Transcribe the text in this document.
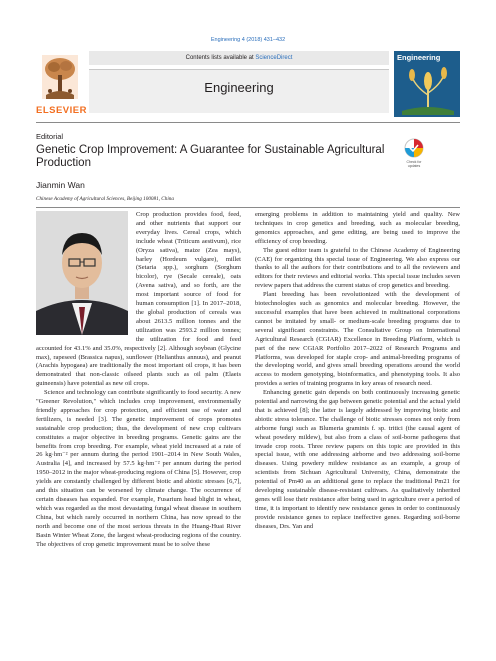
Engineering 4 (2018) 431–432
ELSEVIER
Contents lists available at ScienceDirect
Engineering
Engineering
Editorial
Genetic Crop Improvement: A Guarantee for Sustainable Agricultural Production	Check for updates
Jianmin Wan
Chinese Academy of Agricultural Sciences, Beijing 100081, China

Crop production provides food, feed, and other nutrients that support our everyday lives. Cereal crops, which include wheat (Triticum aestivum), rice (Oryza sativa), maize (Zea mays), barley (Hordeum vulgare), millet (Setaria spp.), sorghum (Sorghum bicolor), rye (Secale cereale), oats (Avena sativa), and so forth, are the most important source of food for human consumption [1]. In 2017–2018, the global production of cereals was about 2613.5 million tonnes and the utilization was 2593.2 million tonnes; the utilization for food and feed accounted for 43.1% and 35.0%, respectively [2]. Although soybean (Glycine max), rapeseed (Brassica napus), sunflower (Helianthus annuus), and peanut (Arachis hypogaea) are traditionally the most important oil crops, it has been demonstrated that non-classic oilseed plants such as oil palm (Elaeis guineensis) have potential as new oil crops.

Science and technology can contribute significantly to food security. A new "Greener Revolution," which includes crop improvement, environmentally friendly approaches for crop protection, and efficient use of water and fertilizers, is needed [3]. The genetic improvement of crops promotes sustainable crop production; thus, the development of new crop cultivars constitutes a major objective in breeding programs. Genetic gains are the benefits from crop breeding. For example, wheat yield increased at a rate of 26 kg·hm⁻² per annum during the period 1901–2014 in New South Wales, Australia [4], and increased by 57.5 kg·hm⁻² per annum during the period 1950–2012 in the major wheat-producing regions of China [5]. However, crop yields are constantly challenged by different biotic and abiotic stresses [6,7], and this situation can be worsened by climate change. The occurrence of certain diseases has expanded. For example, Fusarium head blight in wheat, which was regarded as the most devastating fungal wheat disease in southern China, but which rarely occurred in northern China, has now spread to the north and become one of the most serious threats in the Huang-Huai River Basin Winter Wheat Zone, the largest wheat-producing regions of the country. The objectives of crop genetic improvement must be to solve these

emerging problems in addition to maintaining yield and quality. New techniques in crop genetics and breeding, such as molecular breeding, genomics approaches, and gene editing, are being used to improve the efficiency of crop breeding.

The guest editor team is grateful to the Chinese Academy of Engineering (CAE) for organizing this special issue of Engineering. We also express our thanks to all the authors for their contributions and to all the reviewers and editors for their reviews and editorial works. This special issue includes seven review papers that address the current status of crop genetics and breeding.

Plant breeding has been revolutionized with the development of biotechnologies such as genomics and molecular breeding. However, the successful examples that have been achieved in multinational corporations cannot be imitated by small- or medium-scale breeding programs due to several significant constraints. The Consultative Group on International Agricultural Research (CGIAR) Excellence in Breeding Platform, which is part of the new CGIAR Portfolio 2017–2022 of Research Programs and Platforms, was developed for staple crop- and animal-breeding programs of the developing world, and gives small breeding operations around the world access to modern genotyping, bioinformatics, and phenotyping tools. It also provides a series of training programs in key areas of research need.

Enhancing genetic gain depends on both continuously increasing genetic potential and narrowing the gap between genetic potential and the actual yield that is achieved [8]; the latter is largely addressed by improving biotic and abiotic stress tolerance. The challenge of biotic stresses comes not only from airborne fungi such as Blumeria graminis f. sp. tritici (the causal agent of wheat powdery mildew), but also from a class of soil-borne pathogens that invade crop roots. Three review papers on this topic are provided in this special issue, with one addressing airborne and two addressing soil-borne diseases. Using powdery mildew resistance as an example, a group of scientists from Sichuan Agricultural University, China, demonstrate the potential of Pm40 as an additional gene to replace the traditional Pm21 for developing sustainable disease-resistant cultivars. As qualitatively inherited genes will lose their resistance after being used in agriculture over a period of time, it is important to identify new resistance genes in order to continuously provide resistance genes to replace ineffective genes. Regarding soil-borne diseases, Drs. Yan and
